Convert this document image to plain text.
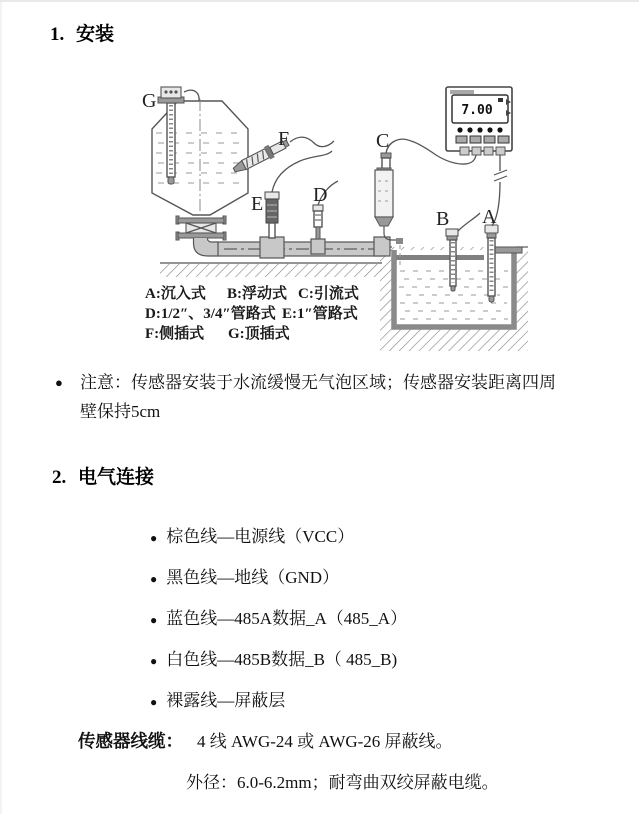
1. 安装
7.00
G
F
E D
C
B A
A:沉入式 B:浮动式 C:引流式
D:1/2″、3/4″管路式 E:1″管路式
F:侧插式 G:顶插式
●	注意：传感器安装于水流缓慢无气泡区域；传感器安装距离四周壁保持5cm
2. 电气连接
● 棕色线—电源线（VCC）
● 黑色线—地线（GND）
● 蓝色线—485A数据_A（485_A）
● 白色线—485B数据_B（ 485_B)
● 裸露线—屏蔽层
传感器线缆： 4 线 AWG-24 或 AWG-26 屏蔽线。
外径：6.0-6.2mm；耐弯曲双绞屏蔽电缆。
